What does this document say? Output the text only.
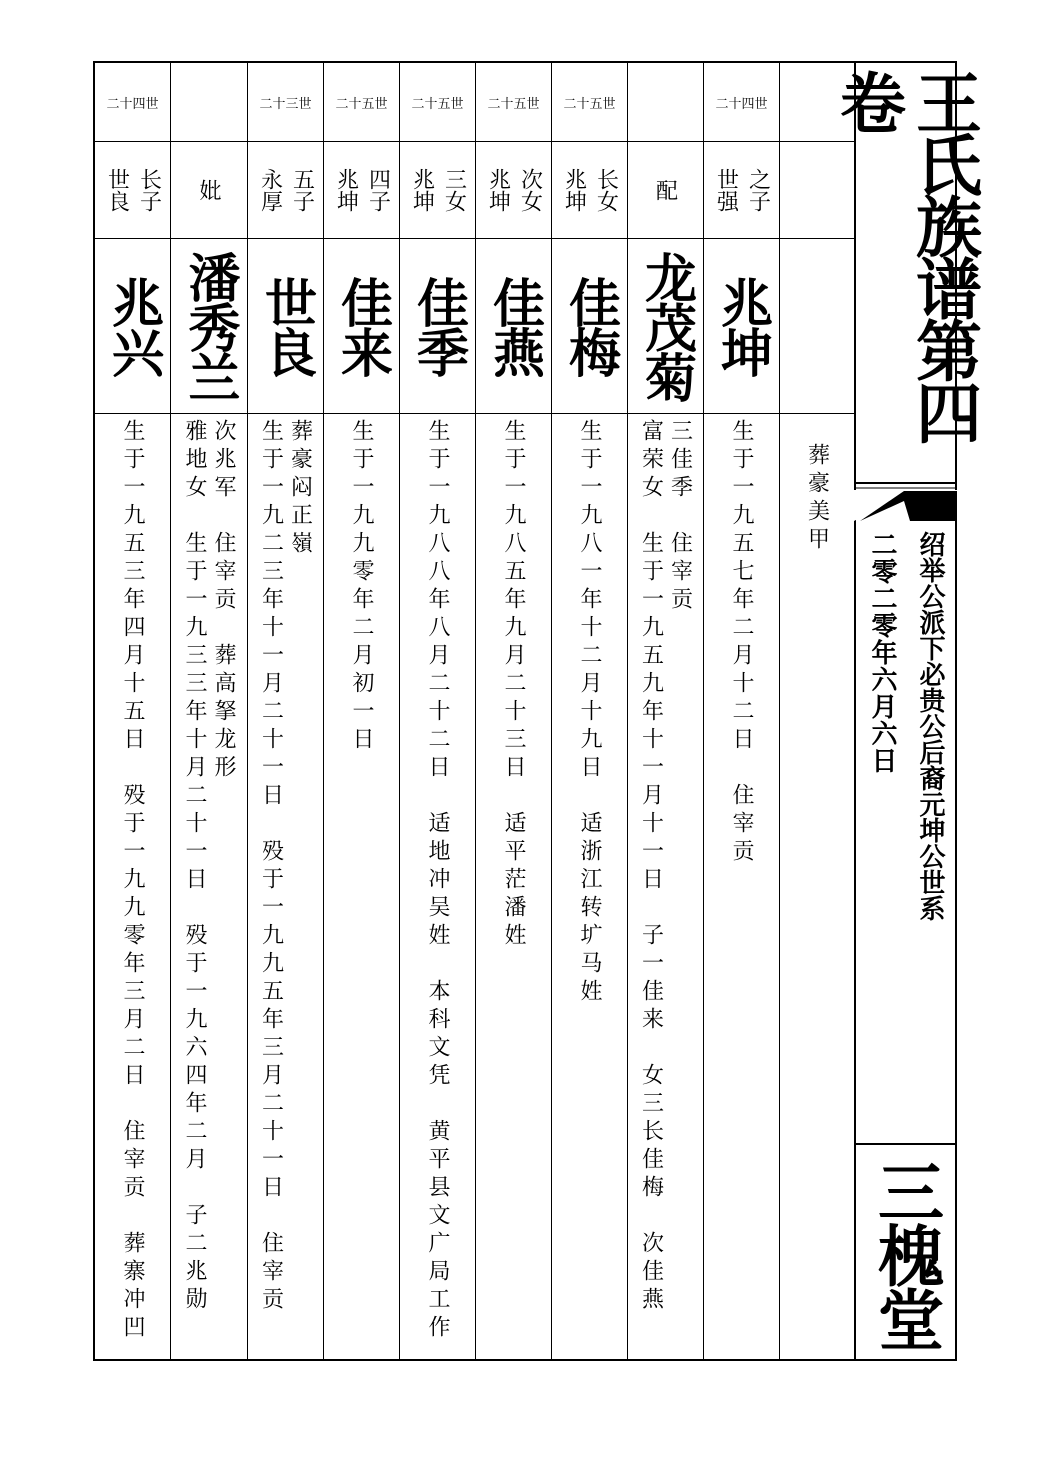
二十四世
世良 长子
兆兴
生于一九五三年四月十五日　殁于一九九零年三月二日　住宰贡　葬寨冲凹
妣
潘秀兰
雅地女　生于一九三三年十月二十一日　殁于一九六四年二月　子二兆勋 次兆军　住宰贡　葬高拏龙形
二十三世
永厚 五子
世良
生于一九二三年十一月二十一日　殁于一九九五年三月二十一日　住宰贡 葬豪闷正嶺
二十五世
兆坤 四子
佳来
生于一九九零年二月初一日
二十五世
兆坤 三女
佳季
生于一九八八年八月二十二日　适地冲吴姓　本科文凭　黄平县文广局工作
二十五世
兆坤 次女
佳燕
生于一九八五年九月二十三日　适平茫潘姓
二十五世
兆坤 长女
佳梅
生于一九八一年十二月十九日　适浙江转圹马姓
配
龙茂菊
富荣女　生于一九五九年十一月十一日　子一佳来　女三长佳梅　次佳燕 三佳季　住宰贡
二十四世
世强 之子
兆坤
生于一九五七年二月十二日　住宰贡 葬豪美甲
王氏族谱第四卷
绍举公派下必贵公后裔元坤公世系
二零二零年六月六日
三槐堂
